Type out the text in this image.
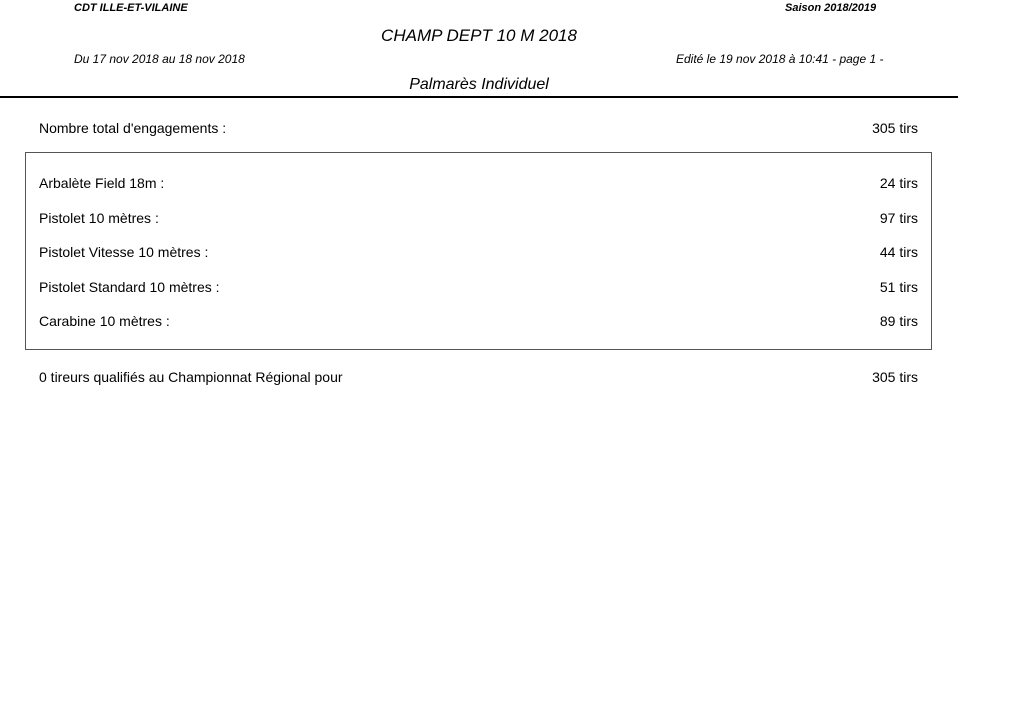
CDT ILLE-ET-VILAINE	Saison 2018/2019
CHAMP DEPT 10 M 2018
Du 17 nov 2018 au 18 nov 2018	Edité le 19 nov 2018 à 10:41 - page 1 -
Palmarès Individuel
Nombre total d'engagements :	305 tirs
Arbalète Field 18m :	24 tirs
Pistolet 10 mètres :	97 tirs
Pistolet Vitesse 10 mètres :	44 tirs
Pistolet Standard 10 mètres :	51 tirs
Carabine 10 mètres :	89 tirs
0 tireurs qualifiés au Championnat Régional pour	305 tirs
